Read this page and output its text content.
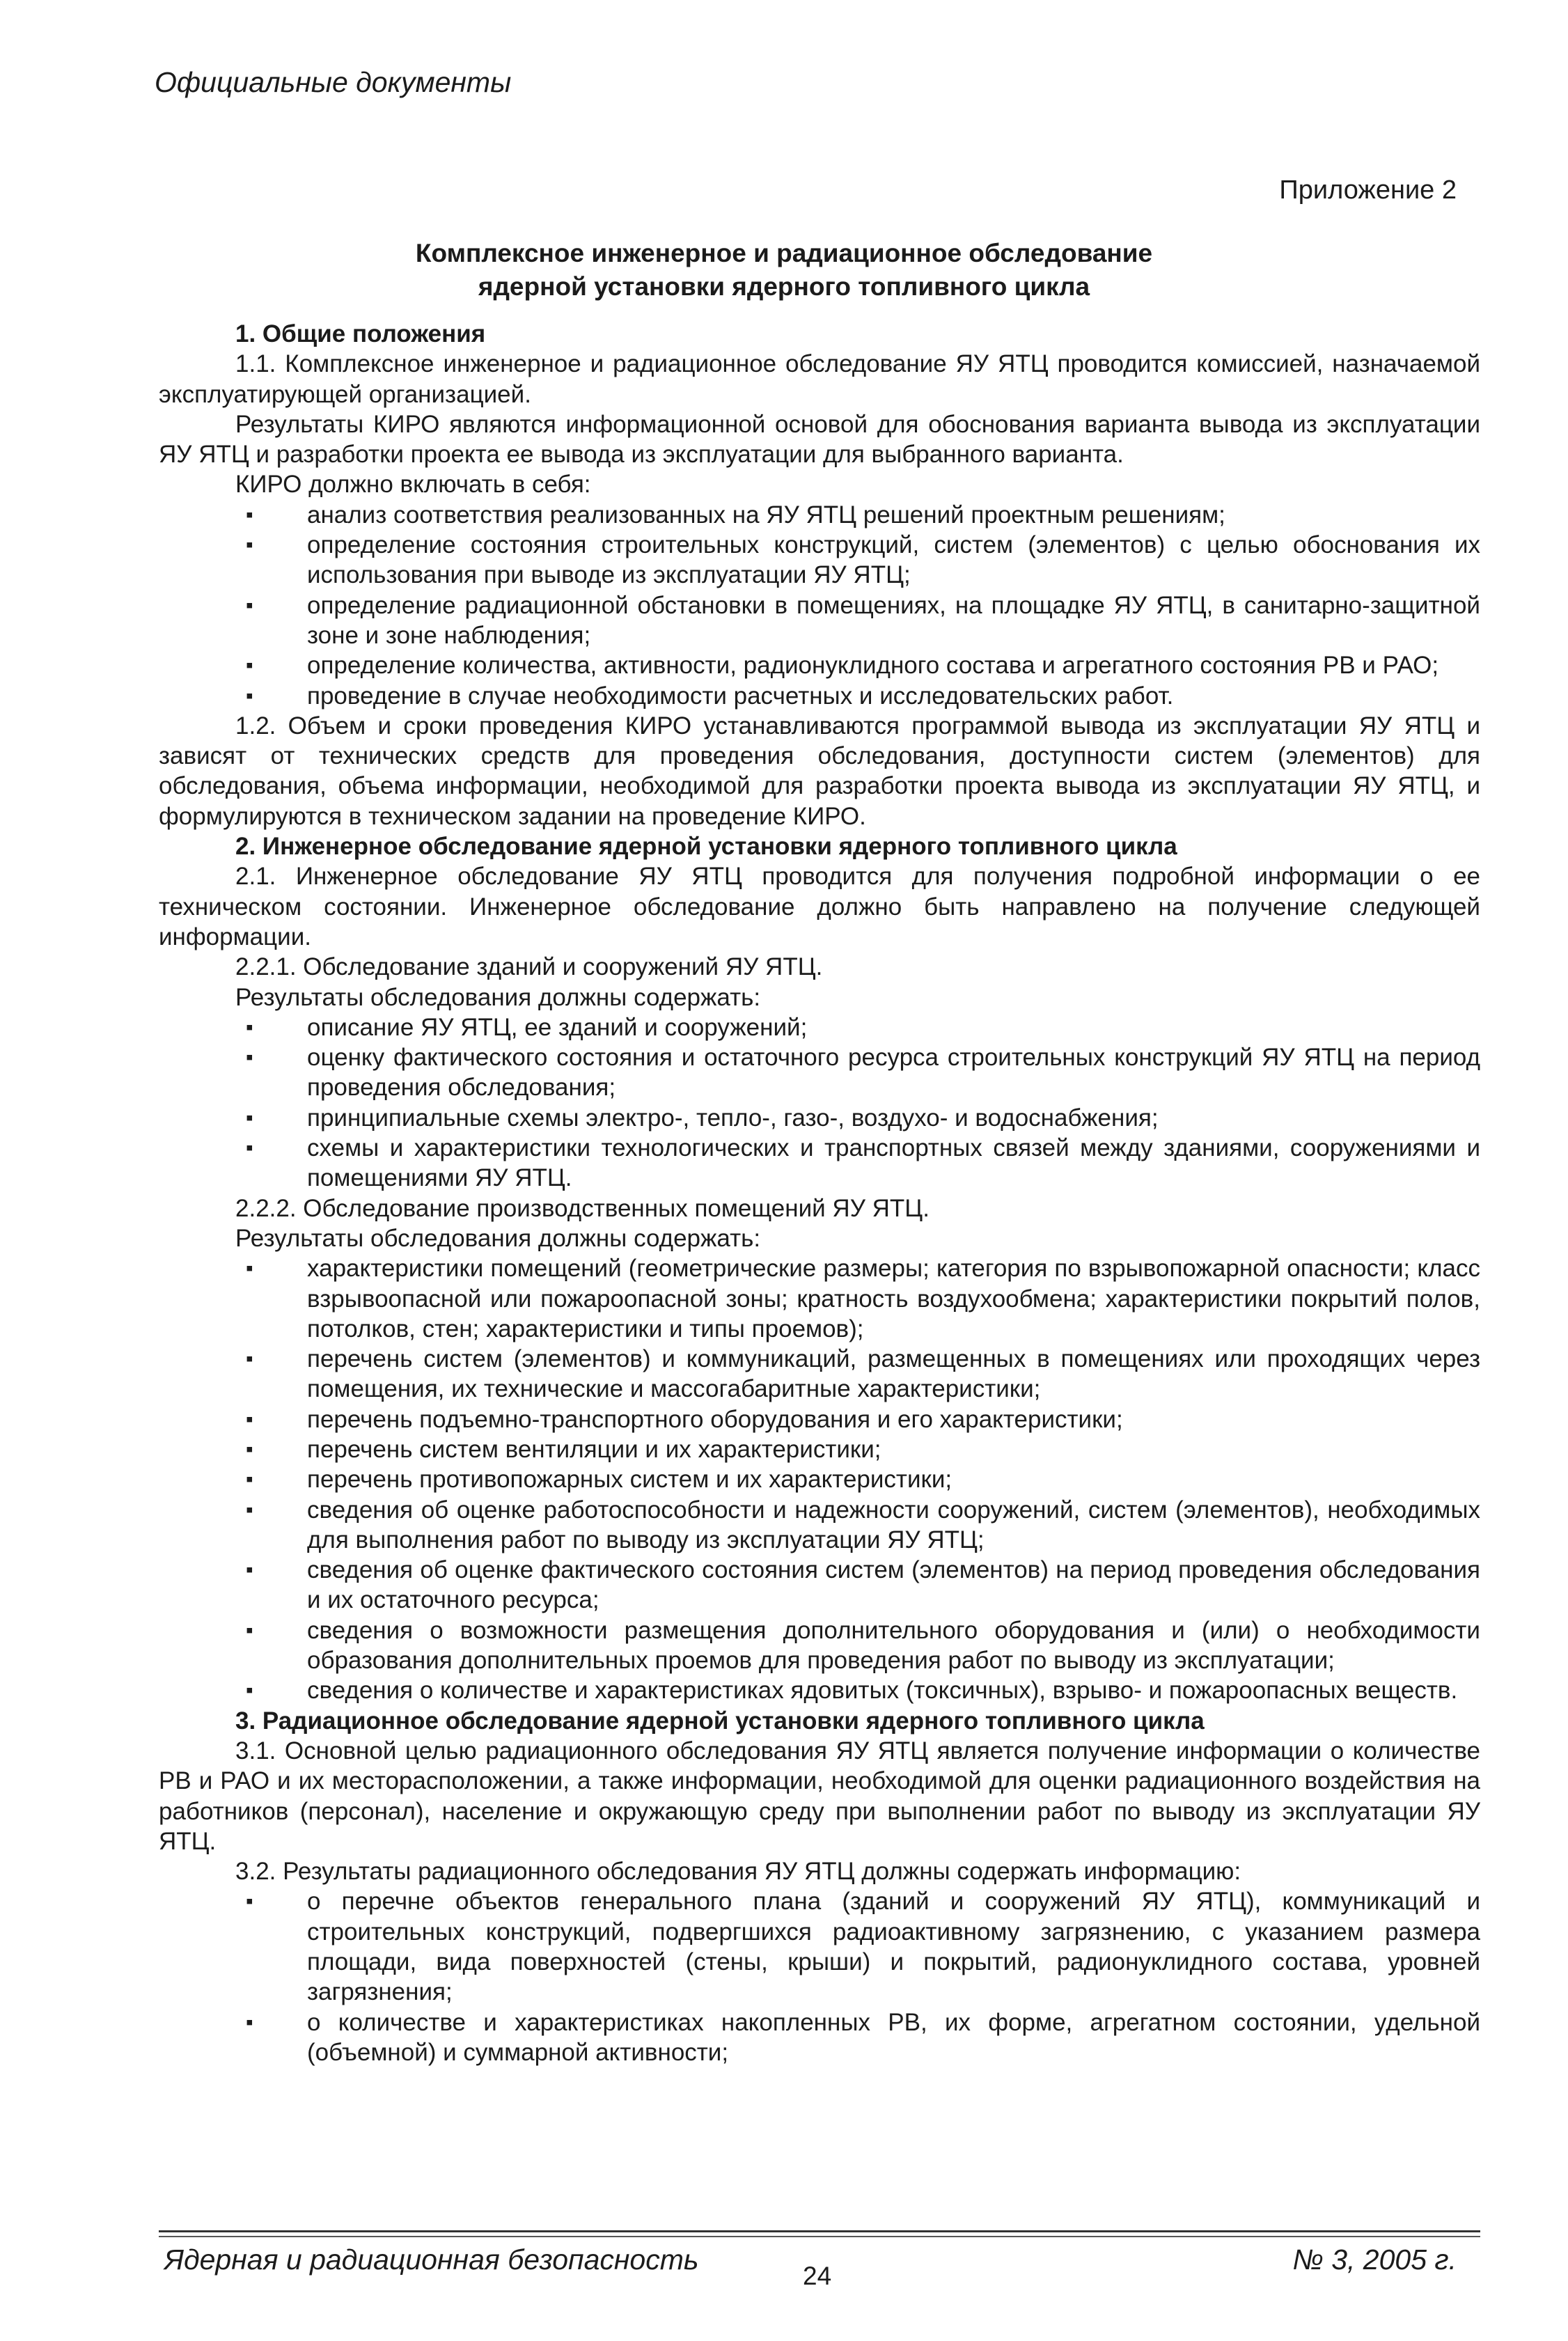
Официальные документы
Приложение 2
Комплексное инженерное и радиационное обследование
ядерной установки ядерного топливного цикла
1. Общие положения

1.1. Комплексное инженерное и радиационное обследование ЯУ ЯТЦ проводится комиссией, назначаемой эксплуатирующей организацией.

Результаты КИРО являются информационной основой для обоснования варианта вывода из эксплуатации ЯУ ЯТЦ и разработки проекта ее вывода из эксплуатации для выбранного варианта.

КИРО должно включать в себя:

▪ анализ соответствия реализованных на ЯУ ЯТЦ решений проектным решениям;
▪ определение состояния строительных конструкций, систем (элементов) с целью обоснования их использования при выводе из эксплуатации ЯУ ЯТЦ;
▪ определение радиационной обстановки в помещениях, на площадке ЯУ ЯТЦ, в санитарно-защитной зоне и зоне наблюдения;
▪ определение количества, активности, радионуклидного состава и агрегатного состояния РВ и РАО;
▪ проведение в случае необходимости расчетных и исследовательских работ.

1.2. Объем и сроки проведения КИРО устанавливаются программой вывода из эксплуатации ЯУ ЯТЦ и зависят от технических средств для проведения обследования, доступности систем (элементов) для обследования, объема информации, необходимой для разработки проекта вывода из эксплуатации ЯУ ЯТЦ, и формулируются в техническом задании на проведение КИРО.

2. Инженерное обследование ядерной установки ядерного топливного цикла

2.1. Инженерное обследование ЯУ ЯТЦ проводится для получения подробной информации о ее техническом состоянии. Инженерное обследование должно быть направлено на получение следующей информации.

2.2.1. Обследование зданий и сооружений ЯУ ЯТЦ.

Результаты обследования должны содержать:

▪ описание ЯУ ЯТЦ, ее зданий и сооружений;
▪ оценку фактического состояния и остаточного ресурса строительных конструкций ЯУ ЯТЦ на период проведения обследования;
▪ принципиальные схемы электро-, тепло-, газо-, воздухо- и водоснабжения;
▪ схемы и характеристики технологических и транспортных связей между зданиями, сооружениями и помещениями ЯУ ЯТЦ.

2.2.2. Обследование производственных помещений ЯУ ЯТЦ.

Результаты обследования должны содержать:

▪ характеристики помещений (геометрические размеры; категория по взрывопожарной опасности; класс взрывоопасной или пожароопасной зоны; кратность воздухообмена; характеристики покрытий полов, потолков, стен; характеристики и типы проемов);
▪ перечень систем (элементов) и коммуникаций, размещенных в помещениях или проходящих через помещения, их технические и массогабаритные характеристики;
▪ перечень подъемно-транспортного оборудования и его характеристики;
▪ перечень систем вентиляции и их характеристики;
▪ перечень противопожарных систем и их характеристики;
▪ сведения об оценке работоспособности и надежности сооружений, систем (элементов), необходимых для выполнения работ по выводу из эксплуатации ЯУ ЯТЦ;
▪ сведения об оценке фактического состояния систем (элементов) на период проведения обследования и их остаточного ресурса;
▪ сведения о возможности размещения дополнительного оборудования и (или) о необходимости образования дополнительных проемов для проведения работ по выводу из эксплуатации;
▪ сведения о количестве и характеристиках ядовитых (токсичных), взрыво- и пожароопасных веществ.
3. Радиационное обследование ядерной установки ядерного топливного цикла

3.1. Основной целью радиационного обследования ЯУ ЯТЦ является получение информации о количестве РВ и РАО и их месторасположении, а также информации, необходимой для оценки радиационного воздействия на работников (персонал), население и окружающую среду при выполнении работ по выводу из эксплуатации ЯУ ЯТЦ.

3.2. Результаты радиационного обследования ЯУ ЯТЦ должны содержать информацию:

▪ о перечне объектов генерального плана (зданий и сооружений ЯУ ЯТЦ), коммуникаций и строительных конструкций, подвергшихся радиоактивному загрязнению, с указанием размера площади, вида поверхностей (стены, крыши) и покрытий, радионуклидного состава, уровней загрязнения;
▪ о количестве и характеристиках накопленных РВ, их форме, агрегатном состоянии, удельной (объемной) и суммарной активности;
Ядерная и радиационная безопасность
24
№ 3, 2005 г.
